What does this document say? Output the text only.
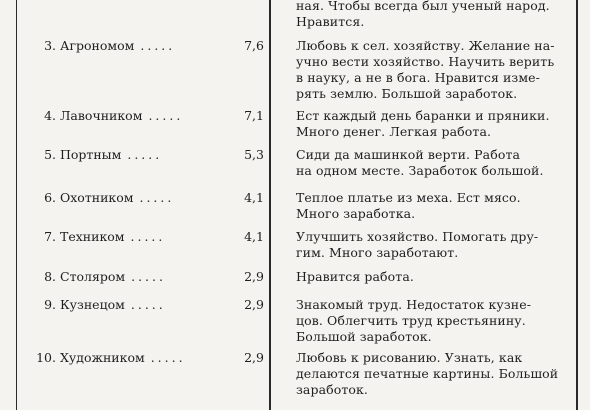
ная. Чтобы всегда был ученый народ.
Нравится.
3. Агрономом .....	7,6	Любовь к сел. хозяйству. Желание на-
учно вести хозяйство. Научить верить
в науку, а не в бога. Нравится изме-
рять землю. Большой заработок.
4. Лавочником .....	7,1	Ест каждый день баранки и пряники.
Много денег. Легкая работа.
5. Портным .....	5,3	Сиди да машинкой верти. Работа
на одном месте. Заработок большой.
6. Охотником .....	4,1	Теплое платье из меха. Ест мясо.
Много заработка.
7. Техником .....	4,1	Улучшить хозяйство. Помогать дру-
гим. Много заработают.
8. Столяром .....	2,9	Нравится работа.
9. Кузнецом .....	2,9	Знакомый труд. Недостаток кузне-
цов. Облегчить труд крестьянину.
Большой заработок.
10. Художником .....	2,9	Любовь к рисованию. Узнать, как
делаются печатные картины. Большой
заработок.
